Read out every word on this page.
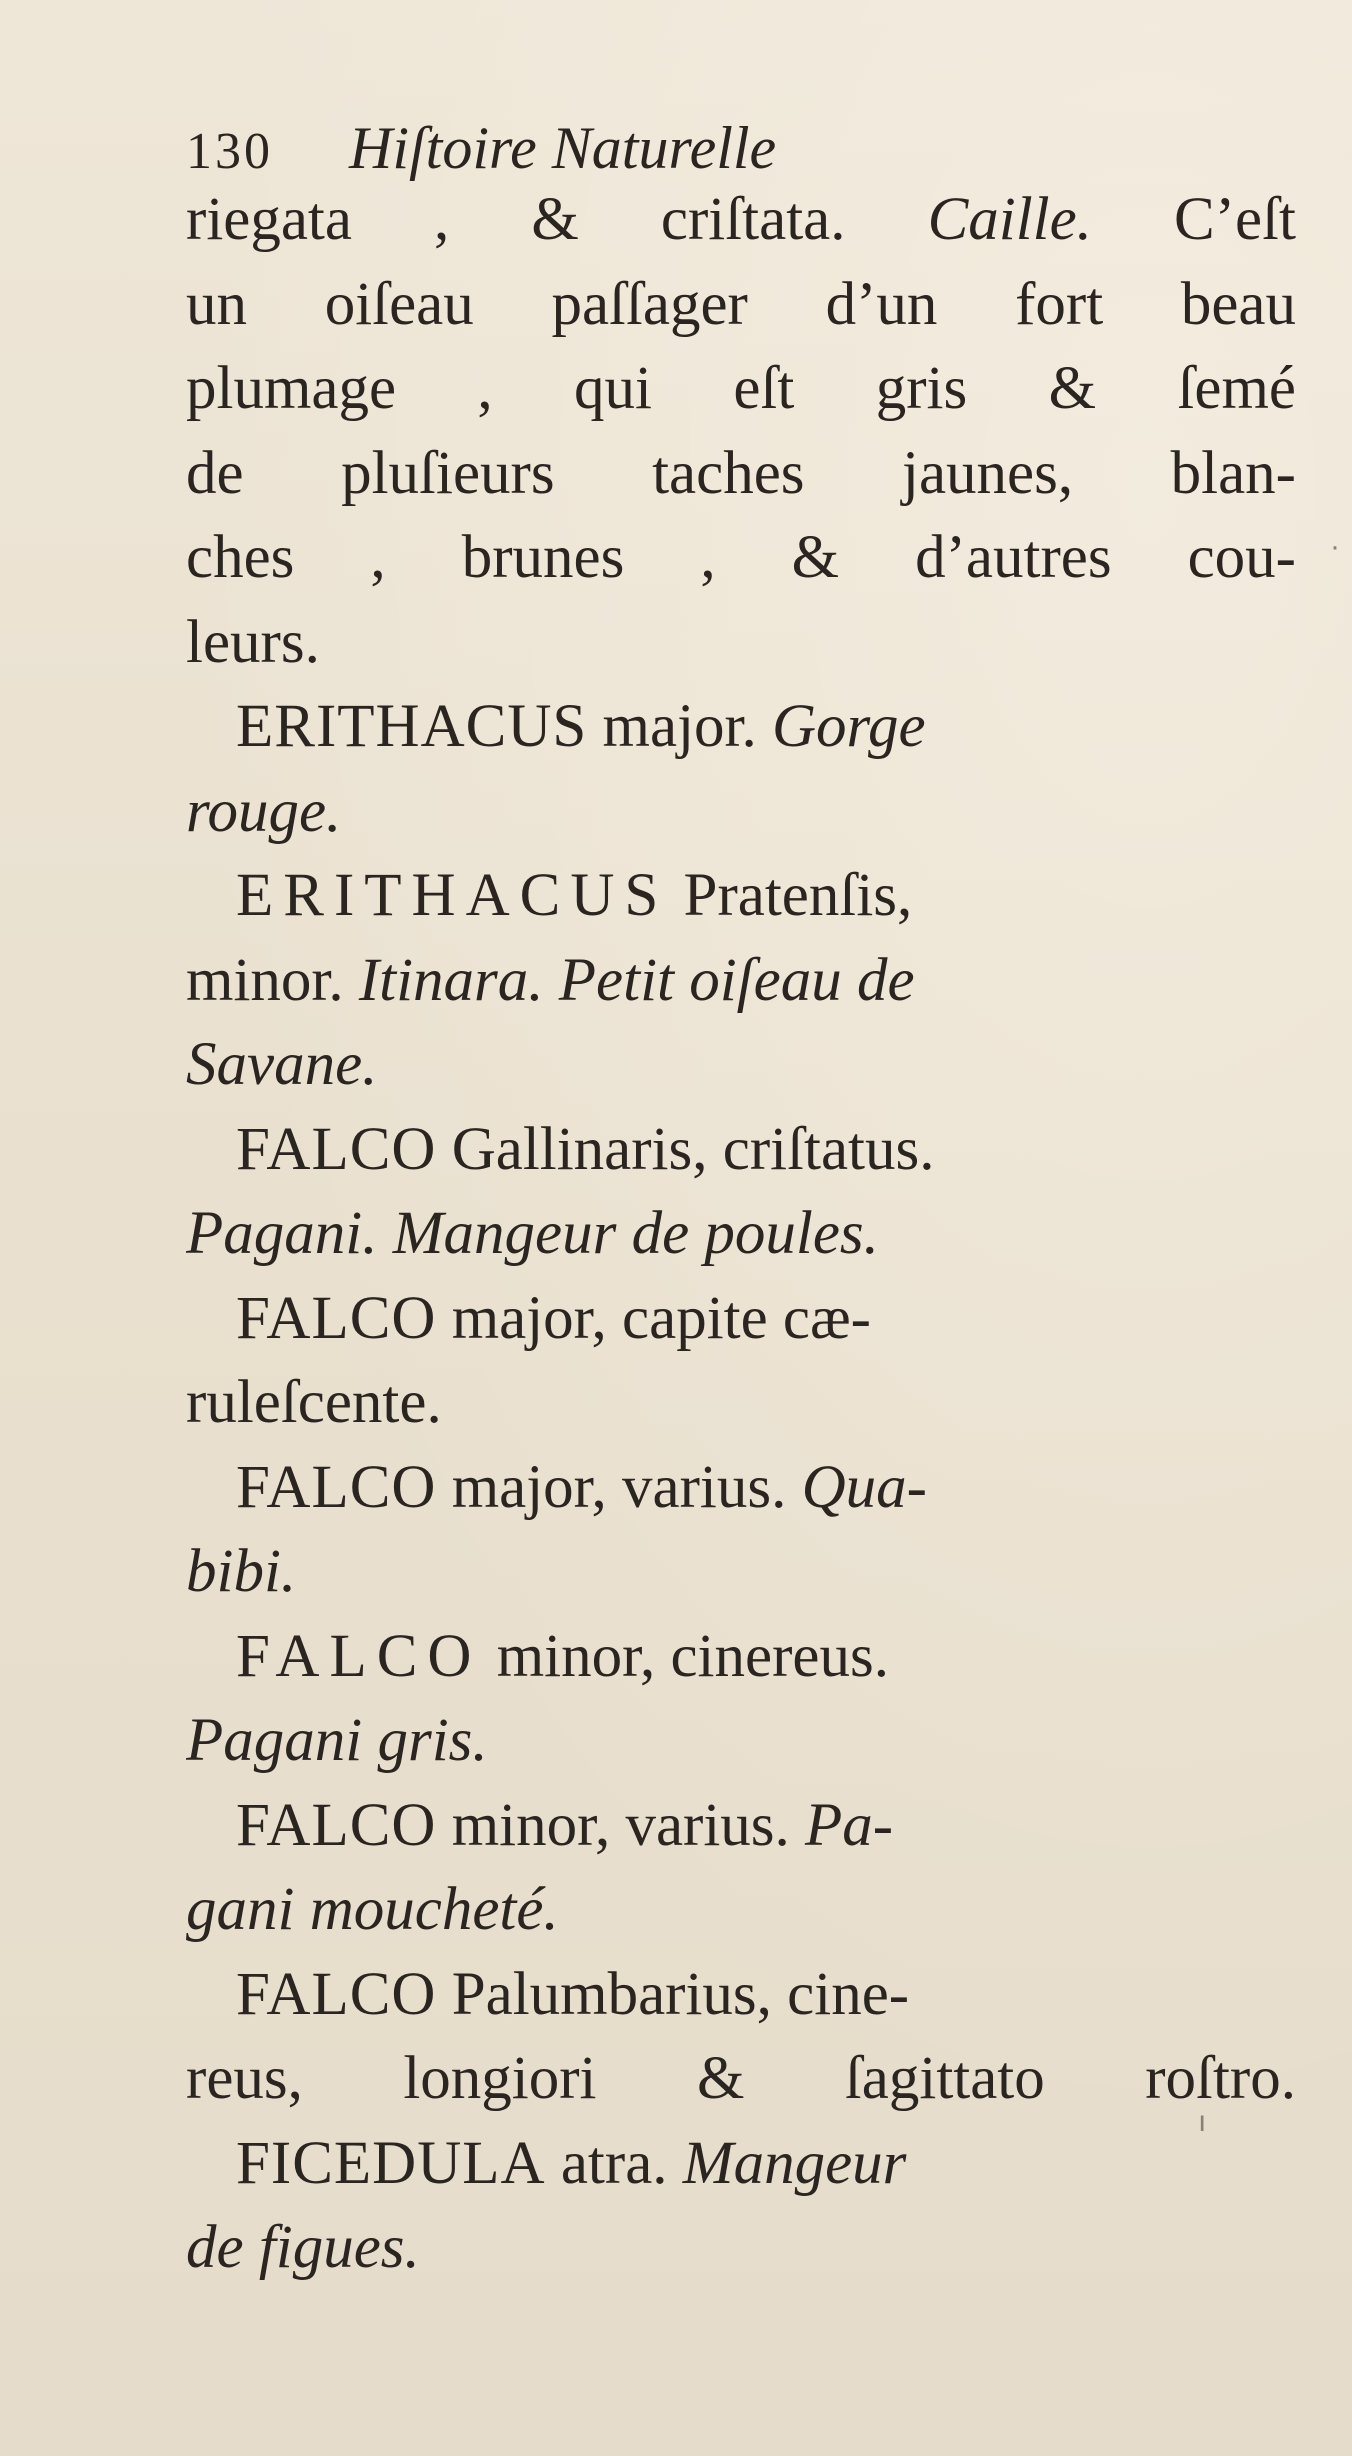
130 Hiſtoire Naturelle
riegata , & criſtata. Caille. C’eſt
un oiſeau paſſager d’un fort beau
plumage , qui eſt gris & ſemé
de pluſieurs taches jaunes, blan-
ches , brunes , & d’autres cou-
leurs.
ERITHACUS major. Gorge
rouge.
ERITHACUS Pratenſis,
minor. Itinara. Petit oiſeau de
Savane.
FALCO Gallinaris, criſtatus.
Pagani. Mangeur de poules.
FALCO major, capite cæ-
ruleſcente.
FALCO major, varius. Qua-
bibi.
FALCO minor, cinereus.
Pagani gris.
FALCO minor, varius. Pa-
gani moucheté.
FALCO Palumbarius, cine-
reus, longiori & ſagittato roſtro.
FICEDULA atra. Mangeur
de figues.
·
ı
